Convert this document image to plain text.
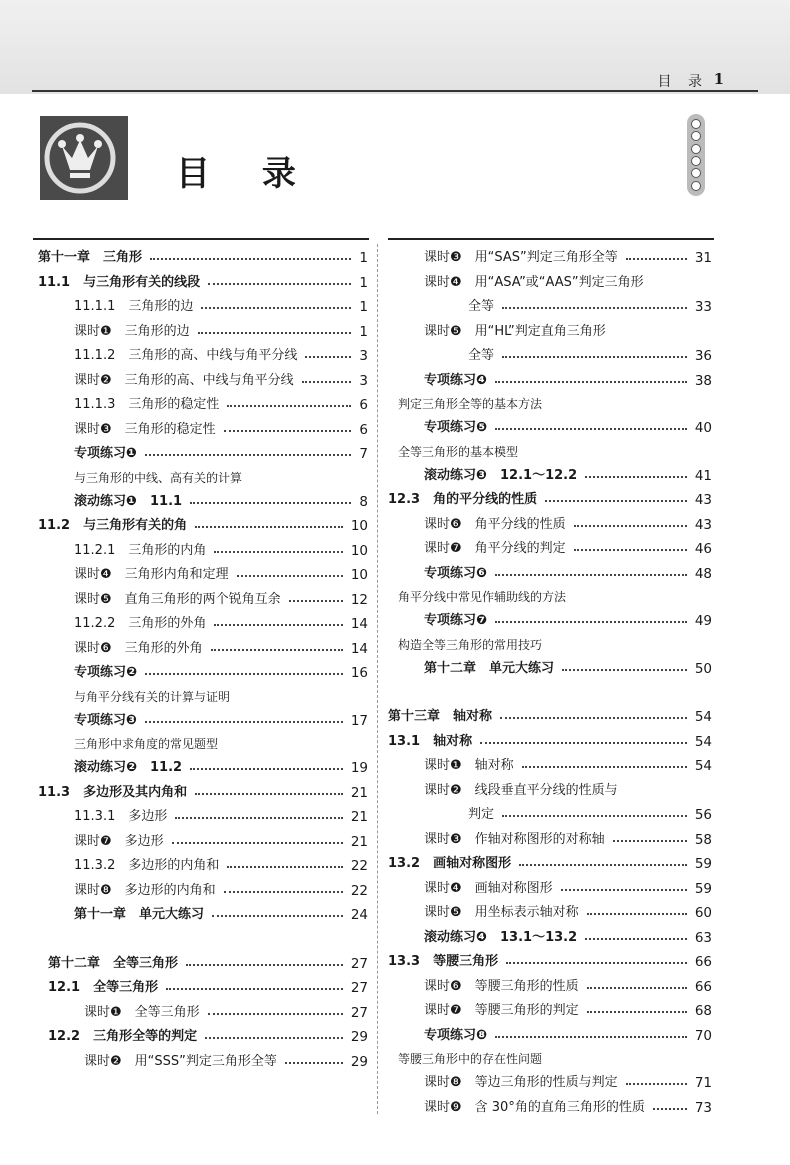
目 录 1
目 录
第十一章　三角形	1
11.1　与三角形有关的线段	1
11.1.1　三角形的边	1
课时❶　三角形的边	1
11.1.2　三角形的高、中线与角平分线	3
课时❷　三角形的高、中线与角平分线	3
11.1.3　三角形的稳定性	6
课时❸　三角形的稳定性	6
专项练习❶	7
与三角形的中线、高有关的计算
滚动练习❶　11.1	8
11.2　与三角形有关的角	10
11.2.1　三角形的内角	10
课时❹　三角形内角和定理	10
课时❺　直角三角形的两个锐角互余	12
11.2.2　三角形的外角	14
课时❻　三角形的外角	14
专项练习❷	16
与角平分线有关的计算与证明
专项练习❸	17
三角形中求角度的常见题型
滚动练习❷　11.2	19
11.3　多边形及其内角和	21
11.3.1　多边形	21
课时❼　多边形	21
11.3.2　多边形的内角和	22
课时❽　多边形的内角和	22
第十一章　单元大练习	24
第十二章　全等三角形	27
12.1　全等三角形	27
课时❶　全等三角形	27
12.2　三角形全等的判定	29
课时❷　用“SSS”判定三角形全等	29
课时❸　用“SAS”判定三角形全等	31
课时❹　用“ASA”或“AAS”判定三角形
全等	33
课时❺　用“HL”判定直角三角形
全等	36
专项练习❹	38
判定三角形全等的基本方法
专项练习❺	40
全等三角形的基本模型
滚动练习❸　12.1～12.2	41
12.3　角的平分线的性质	43
课时❻　角平分线的性质	43
课时❼　角平分线的判定	46
专项练习❻	48
角平分线中常见作辅助线的方法
专项练习❼	49
构造全等三角形的常用技巧
第十二章　单元大练习	50
第十三章　轴对称	54
13.1　轴对称	54
课时❶　轴对称	54
课时❷　线段垂直平分线的性质与
判定	56
课时❸　作轴对称图形的对称轴	58
13.2　画轴对称图形	59
课时❹　画轴对称图形	59
课时❺　用坐标表示轴对称	60
滚动练习❹　13.1～13.2	63
13.3　等腰三角形	66
课时❻　等腰三角形的性质	66
课时❼　等腰三角形的判定	68
专项练习❽	70
等腰三角形中的存在性问题
课时❽　等边三角形的性质与判定	71
课时❾　含 30°角的直角三角形的性质	73
